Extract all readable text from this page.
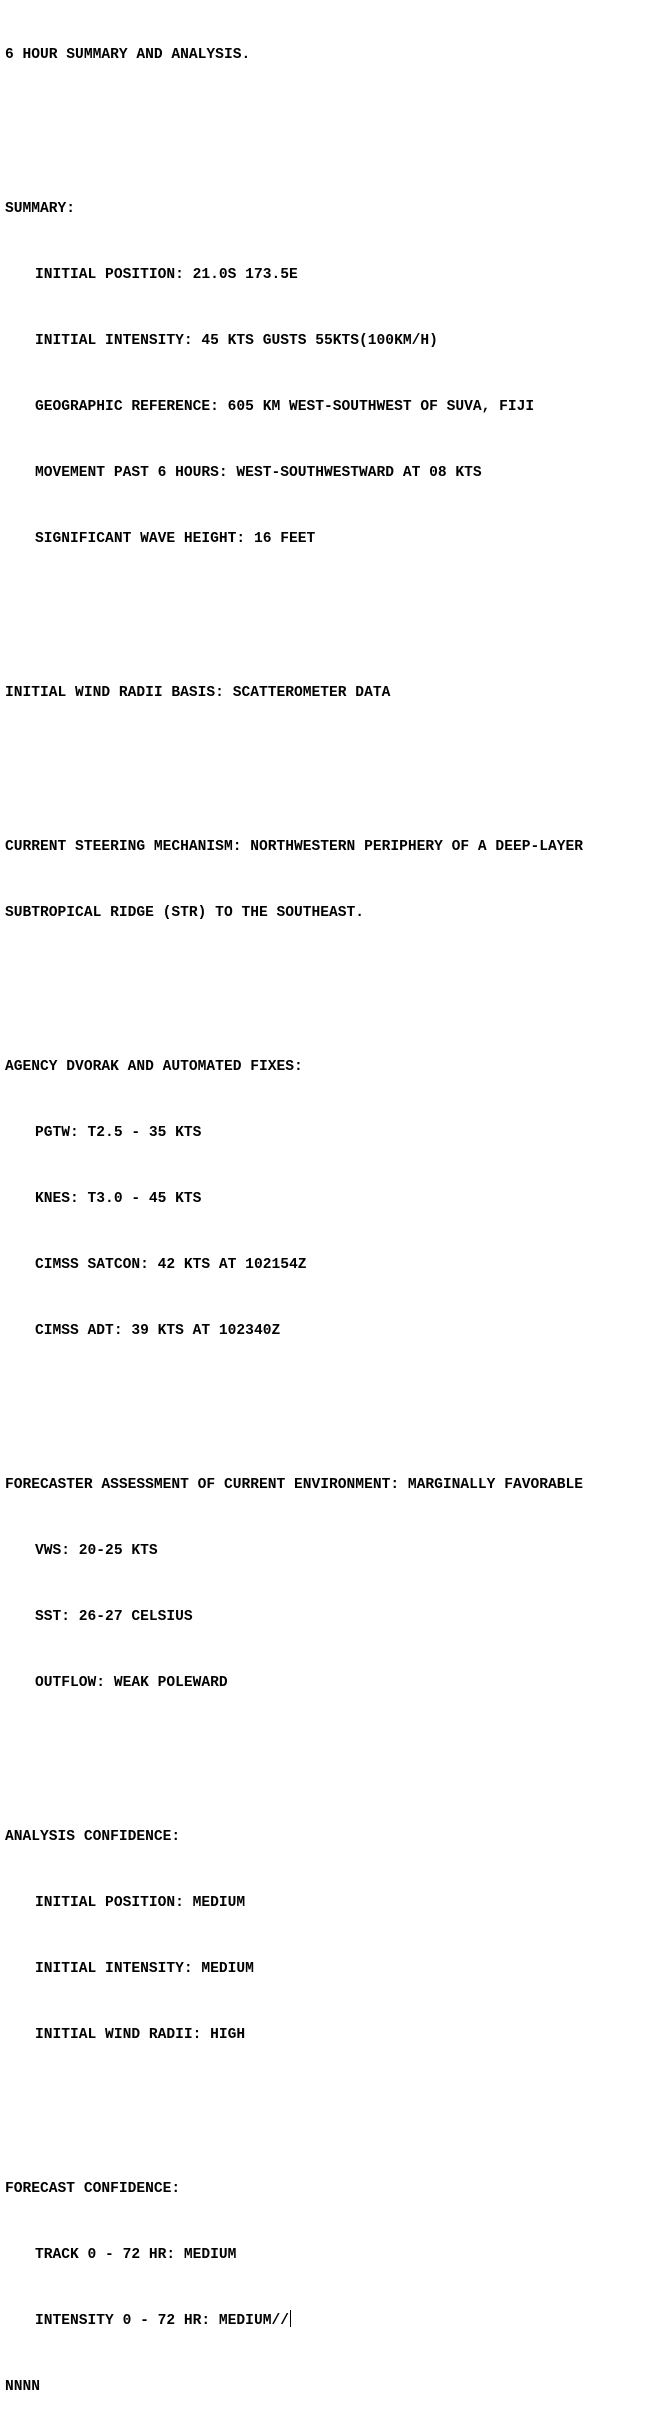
6 HOUR SUMMARY AND ANALYSIS.

SUMMARY:

INITIAL POSITION: 21.0S 173.5E

INITIAL INTENSITY: 45 KTS GUSTS 55KTS(100KM/H)

GEOGRAPHIC REFERENCE: 605 KM WEST-SOUTHWEST OF SUVA, FIJI

MOVEMENT PAST 6 HOURS: WEST-SOUTHWESTWARD AT 08 KTS

SIGNIFICANT WAVE HEIGHT: 16 FEET

INITIAL WIND RADII BASIS: SCATTEROMETER DATA

CURRENT STEERING MECHANISM: NORTHWESTERN PERIPHERY OF A DEEP-LAYER

SUBTROPICAL RIDGE (STR) TO THE SOUTHEAST.

AGENCY DVORAK AND AUTOMATED FIXES:

PGTW: T2.5 - 35 KTS

KNES: T3.0 - 45 KTS

CIMSS SATCON: 42 KTS AT 102154Z

CIMSS ADT: 39 KTS AT 102340Z

FORECASTER ASSESSMENT OF CURRENT ENVIRONMENT: MARGINALLY FAVORABLE

VWS: 20-25 KTS

SST: 26-27 CELSIUS

OUTFLOW: WEAK POLEWARD

ANALYSIS CONFIDENCE:

INITIAL POSITION: MEDIUM

INITIAL INTENSITY: MEDIUM

INITIAL WIND RADII: HIGH

FORECAST CONFIDENCE:

TRACK 0 - 72 HR: MEDIUM

INTENSITY 0 - 72 HR: MEDIUM//

NNNN
